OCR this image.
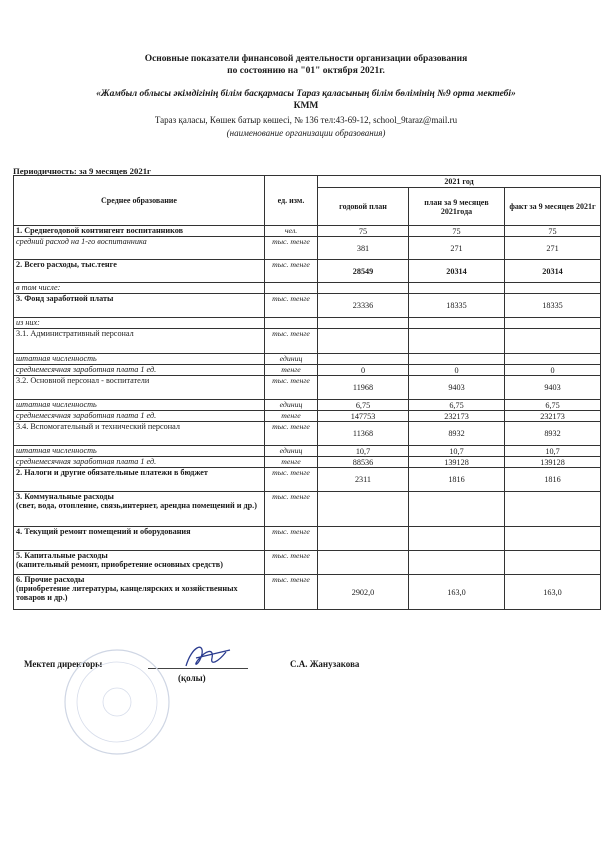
Основные показатели финансовой деятельности организации образования
по состоянию на "01" октября 2021г.
«Жамбыл облысы әкімдігінің білім басқармасы Тараз қаласының білім бөлімінің №9 орта мектебі»
КММ
Тараз қаласы, Көшек батыр көшесі, № 136 тел:43-69-12, school_9taraz@mail.ru
(наименование организации образования)
Периодичность: за 9 месяцев 2021г
Среднее образование	ед. изм.	2021 год		
		годовой план	план за 9 месяцев 2021года	факт за 9 месяцев 2021г

1. Среднегодовой контингент воспитанников	чел.	75	75	75

средний расход на 1-го воспитанника	тыс. тенге	381	271	271

2. Всего расходы, тыс.тенге	тыс. тенге	28549	20314	20314

в том числе:				

3. Фонд заработной платы	тыс. тенге	23336	18335	18335

из них:				

3.1. Административный персонал	тыс. тенге			

штатная численность	единиц			

среднемесячная заработная плата 1 ед.	тенге	0	0	0

3.2. Основной персонал - воспитатели	тыс. тенге	11968	9403	9403

штатная численность	единиц	6,75	6,75	6,75

среднемесячная заработная плата 1 ед.	тенге	147753	232173	232173

3.4. Вспомогательный и технический персонал	тыс. тенге	11368	8932	8932

штатная численность	единиц	10,7	10,7	10,7

среднемесячная заработная плата 1 ед.	тенге	88536	139128	139128

2. Налоги и другие обязательные платежи в бюджет	тыс. тенге	2311	1816	1816

3. Коммунальные расходы
(свет, вода, отопление, связь,интернет, арендна помещений и др.)	тыс. тенге			

4. Текущий ремонт помещений и оборудования	тыс. тенге			

5. Капитальные расходы
(капительный ремонт, приобретение основных средств)	тыс. тенге			

6. Прочие расходы
(приобретение литературы, канцелярских и хозяйственных товаров и др.)	тыс. тенге	2902,0	163,0	163,0
Мектеп директоры
(қолы)
С.А. Жанузакова
